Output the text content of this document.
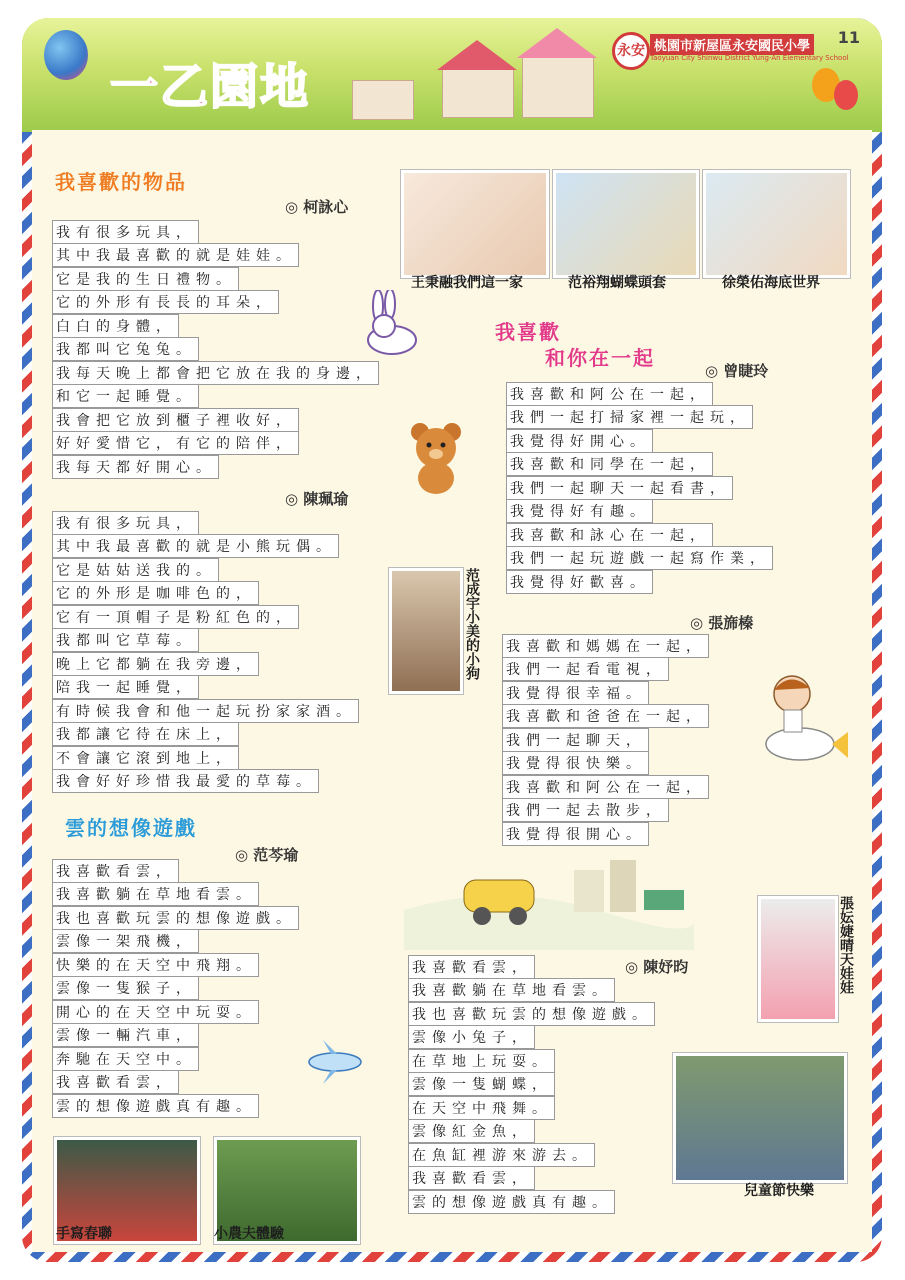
一乙園地
永安 桃園市新屋區永安國民小學
Taoyuan City Shinwu District Yung-An Elementary School
11
我喜歡的物品
◎ 柯詠心
我有很多玩具，
其中我最喜歡的就是娃娃。
它是我的生日禮物。
它的外形有長長的耳朵，
白白的身體，
我都叫它兔兔。
我每天晚上都會把它放在我的身邊，
和它一起睡覺。
我會把它放到櫃子裡收好，
好好愛惜它，有它的陪伴，
我每天都好開心。
◎ 陳珮瑜
我有很多玩具，
其中我最喜歡的就是小熊玩偶。
它是姑姑送我的。
它的外形是咖啡色的，
它有一頂帽子是粉紅色的，
我都叫它草莓。
晚上它都躺在我旁邊，
陪我一起睡覺，
有時候我會和他一起玩扮家家酒。
我都讓它待在床上，
不會讓它滾到地上，
我會好好珍惜我最愛的草莓。
雲的想像遊戲
◎ 范芩瑜
我喜歡看雲，
我喜歡躺在草地看雲。
我也喜歡玩雲的想像遊戲。
雲像一架飛機，
快樂的在天空中飛翔。
雲像一隻猴子，
開心的在天空中玩耍。
雲像一輛汽車，
奔馳在天空中。
我喜歡看雲，
雲的想像遊戲真有趣。
我喜歡
和你在一起
◎ 曾睫玲
我喜歡和阿公在一起，
我們一起打掃家裡一起玩，
我覺得好開心。
我喜歡和同學在一起，
我們一起聊天一起看書，
我覺得好有趣。
我喜歡和詠心在一起，
我們一起玩遊戲一起寫作業，
我覺得好歡喜。
◎ 張旆榛
我喜歡和媽媽在一起，
我們一起看電視，
我覺得很幸福。
我喜歡和爸爸在一起，
我們一起聊天，
我覺得很快樂。
我喜歡和阿公在一起，
我們一起去散步，
我覺得很開心。
◎ 陳妤昀
我喜歡看雲，
我喜歡躺在草地看雲。
我也喜歡玩雲的想像遊戲。
雲像小兔子，
在草地上玩耍。
雲像一隻蝴蝶，
在天空中飛舞。
雲像紅金魚，
在魚缸裡游來游去。
我喜歡看雲，
雲的想像遊戲真有趣。
王秉融我們這一家	范裕翔蝴蝶頭套	徐榮佑海底世界
范成宇小美的小狗
張妘婕晴天娃娃
兒童節快樂
手寫春聯	小農夫體驗
